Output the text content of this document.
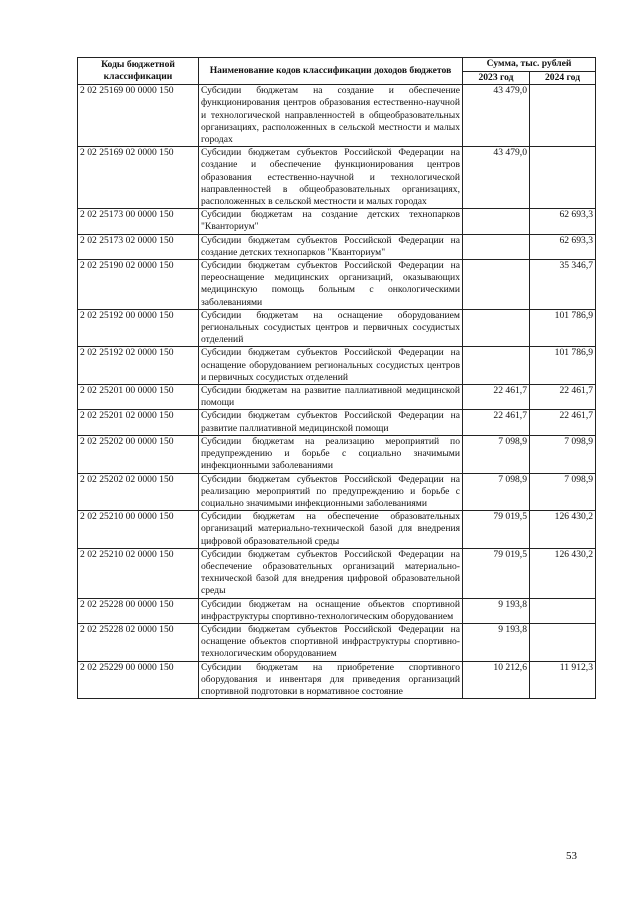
Коды бюджетной классификации	Наименование кодов классификации доходов бюджетов	Сумма, тыс. рублей	
		2023 год	2024 год
2 02 25169 00 0000 150	Субсидии бюджетам на создание и обеспечение функционирования центров образования естественно-научной и технологической направленностей в общеобразовательных организациях, расположенных в сельской местности и малых городах	43 479,0	
2 02 25169 02 0000 150	Субсидии бюджетам субъектов Российской Федерации на создание и обеспечение функционирования центров образования естественно-научной и технологической направленностей в общеобразовательных организациях, расположенных в сельской местности и малых городах	43 479,0	
2 02 25173 00 0000 150	Субсидии бюджетам на создание детских технопарков "Кванториум"		62 693,3
2 02 25173 02 0000 150	Субсидии бюджетам субъектов Российской Федерации на создание детских технопарков "Кванториум"		62 693,3
2 02 25190 02 0000 150	Субсидии бюджетам субъектов Российской Федерации на переоснащение медицинских организаций, оказывающих медицинскую помощь больным с онкологическими заболеваниями		35 346,7
2 02 25192 00 0000 150	Субсидии бюджетам на оснащение оборудованием региональных сосудистых центров и первичных сосудистых отделений		101 786,9
2 02 25192 02 0000 150	Субсидии бюджетам субъектов Российской Федерации на оснащение оборудованием региональных сосудистых центров и первичных сосудистых отделений		101 786,9
2 02 25201 00 0000 150	Субсидии бюджетам на развитие паллиативной медицинской помощи	22 461,7	22 461,7
2 02 25201 02 0000 150	Субсидии бюджетам субъектов Российской Федерации на развитие паллиативной медицинской помощи	22 461,7	22 461,7
2 02 25202 00 0000 150	Субсидии бюджетам на реализацию мероприятий по предупреждению и борьбе с социально значимыми инфекционными заболеваниями	7 098,9	7 098,9
2 02 25202 02 0000 150	Субсидии бюджетам субъектов Российской Федерации на реализацию мероприятий по предупреждению и борьбе с социально значимыми инфекционными заболеваниями	7 098,9	7 098,9
2 02 25210 00 0000 150	Субсидии бюджетам на обеспечение образовательных организаций материально-технической базой для внедрения цифровой образовательной среды	79 019,5	126 430,2
2 02 25210 02 0000 150	Субсидии бюджетам субъектов Российской Федерации на обеспечение образовательных организаций материально-технической базой для внедрения цифровой образовательной среды	79 019,5	126 430,2
2 02 25228 00 0000 150	Субсидии бюджетам на оснащение объектов спортивной инфраструктуры спортивно-технологическим оборудованием	9 193,8	
2 02 25228 02 0000 150	Субсидии бюджетам субъектов Российской Федерации на оснащение объектов спортивной инфраструктуры спортивно-технологическим оборудованием	9 193,8	
2 02 25229 00 0000 150	Субсидии бюджетам на приобретение спортивного оборудования и инвентаря для приведения организаций спортивной подготовки в нормативное состояние	10 212,6	11 912,3
53
